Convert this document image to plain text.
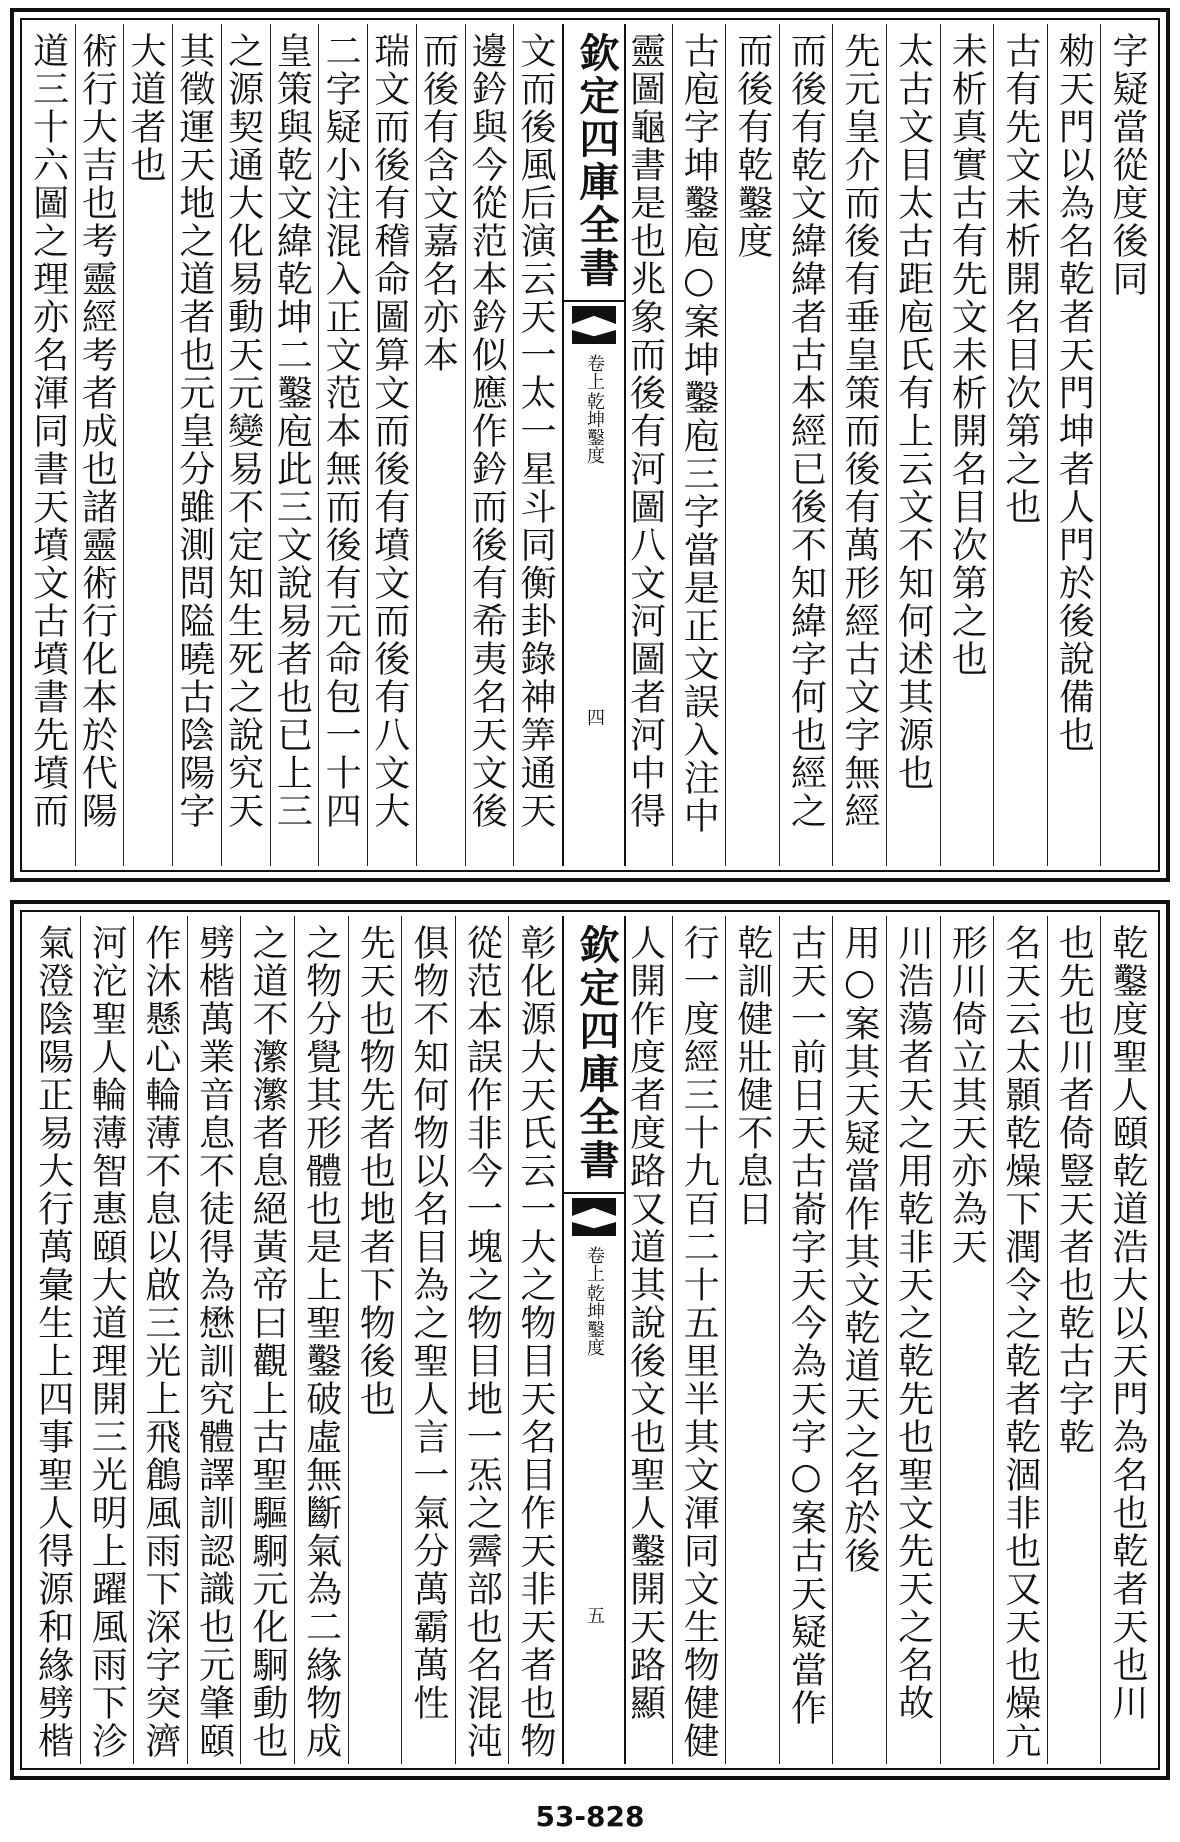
字疑當從度後同
勑天門以為名乾者天門坤者人門於後說備也
古有先文未析開名目次第之也
未析真實古有先文未析開名目次第之也
太古文目太古距庖氏有上云文不知何述其源也
先元皇介而後有垂皇策而後有萬形經古文字無經
而後有乾文緯緯者古本經已後不知緯字何也經之
而後有乾鑿度
古庖字坤鑿庖○案坤鑿庖三字當是正文誤入注中
靈圖龜書是也兆象而後有河圖八文河圖者河中得
欽定四庫全書
乾坤鑿度
卷上
四
文而後風后演云天一太一星斗同衡卦錄神筭通天
邊鈐與今從范本鈐似應作鈐而後有希夷名天文後
而後有含文嘉名亦本
瑞文而後有稽命圖算文而後有墳文而後有八文大
二字疑小注混入正文范本無而後有元命包一十四
皇策與乾文緯乾坤二鑿庖此三文說易者也已上三
之源契通大化易動天元變易不定知生死之說究天
其徵運天地之道者也元皇分雖測問隘曉古陰陽字
大道者也
術行大吉也考靈經考者成也諸靈術行化本於代陽
道三十六圖之理亦名渾同書天墳文古墳書先墳而
乾鑿度聖人頤乾道浩大以天門為名也乾者天也川
也先也川者倚豎天者也乾古字乾
名天云太顥乾燥下潤令之乾者乾涸非也又天也燥亢
形川倚立其天亦為天
川浩蕩者天之用乾非天之乾先也聖文先天之名故
用○案其天疑當作其文乾道天之名於後
古天一前日天古嵛字天今為天字○案古天疑當作
乾訓健壯健不息日
行一度經三十九百二十五里半其文渾同文生物健健
人開作度者度路又道其說後文也聖人鑿開天路顯
欽定四庫全書
乾坤鑿度
卷上
五
彰化源大天氏云一大之物目天名目作天非天者也物
從范本誤作非今一塊之物目地一炁之霽部也名混沌
俱物不知何物以名目為之聖人言一氣分萬霸萬性
先天也物先者也地者下物後也
之物分覺其形體也是上聖鑿破虛無斷氣為二緣物成
之道不瀿瀿者息絕黃帝曰觀上古聖驅駉元化駉動也
劈楷萬業音息不徒得為懋訓究體譯訓認識也元肇頤
作沐懸心輪薄不息以啟三光上飛鶬風雨下深字突濟
河沱聖人輪薄智惠頤大道理開三光明上躍風雨下沴
氣澄陰陽正易大行萬彙生上四事聖人得源和緣劈楷
53-828
